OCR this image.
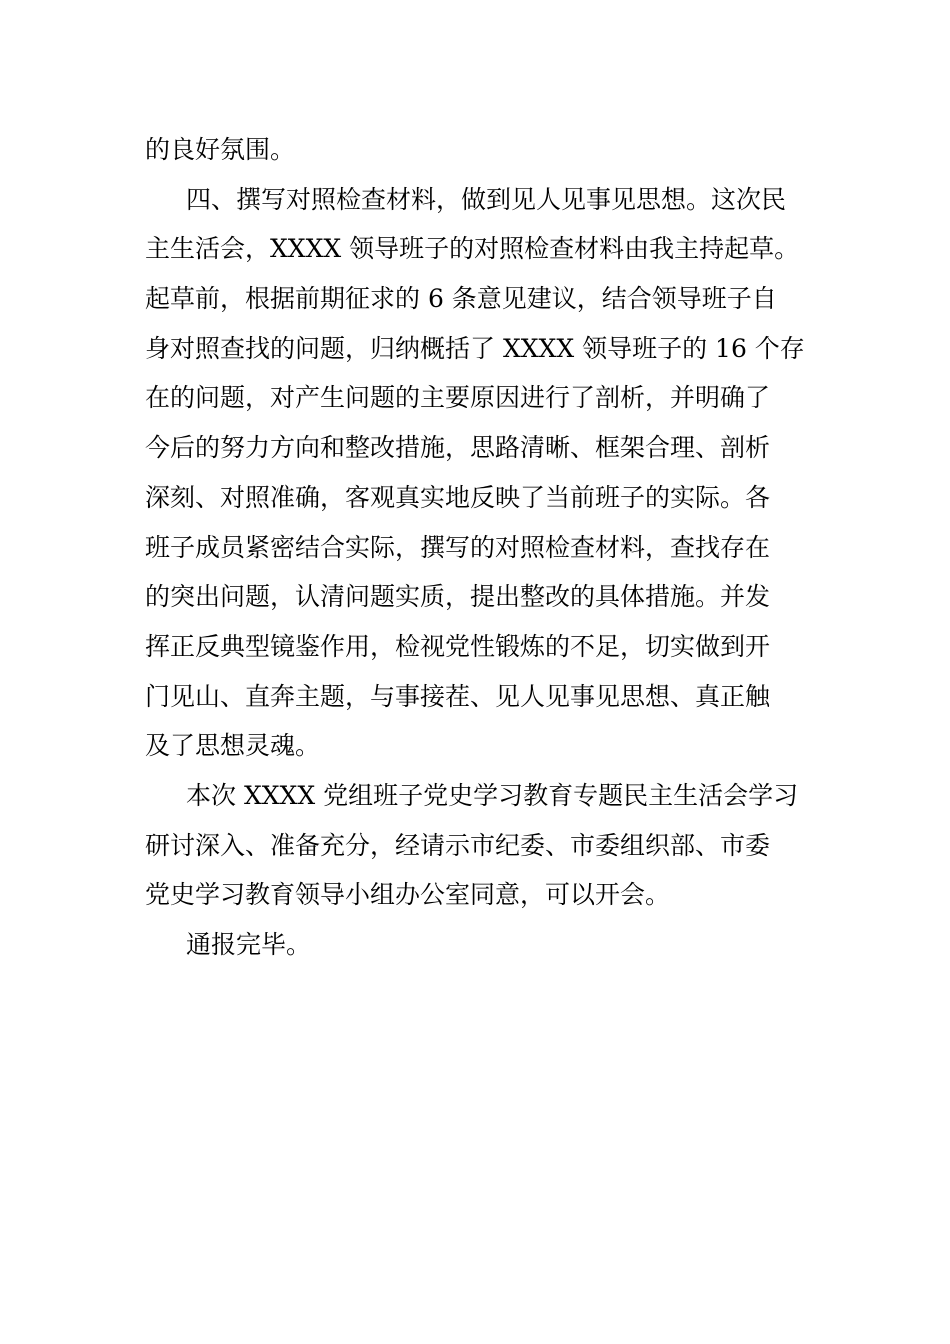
的良好氛围。
四、撰写对照检查材料，做到见人见事见思想。这次民
主生活会，XXXX 领导班子的对照检查材料由我主持起草。
起草前，根据前期征求的 6 条意见建议，结合领导班子自
身对照查找的问题，归纳概括了 XXXX 领导班子的 16 个存
在的问题，对产生问题的主要原因进行了剖析，并明确了
今后的努力方向和整改措施，思路清晰、框架合理、剖析
深刻、对照准确，客观真实地反映了当前班子的实际。各
班子成员紧密结合实际，撰写的对照检查材料，查找存在
的突出问题，认清问题实质，提出整改的具体措施。并发
挥正反典型镜鉴作用，检视党性锻炼的不足，切实做到开
门见山、直奔主题，与事接茬、见人见事见思想、真正触
及了思想灵魂。
本次 XXXX 党组班子党史学习教育专题民主生活会学习
研讨深入、准备充分，经请示市纪委、市委组织部、市委
党史学习教育领导小组办公室同意，可以开会。
通报完毕。
